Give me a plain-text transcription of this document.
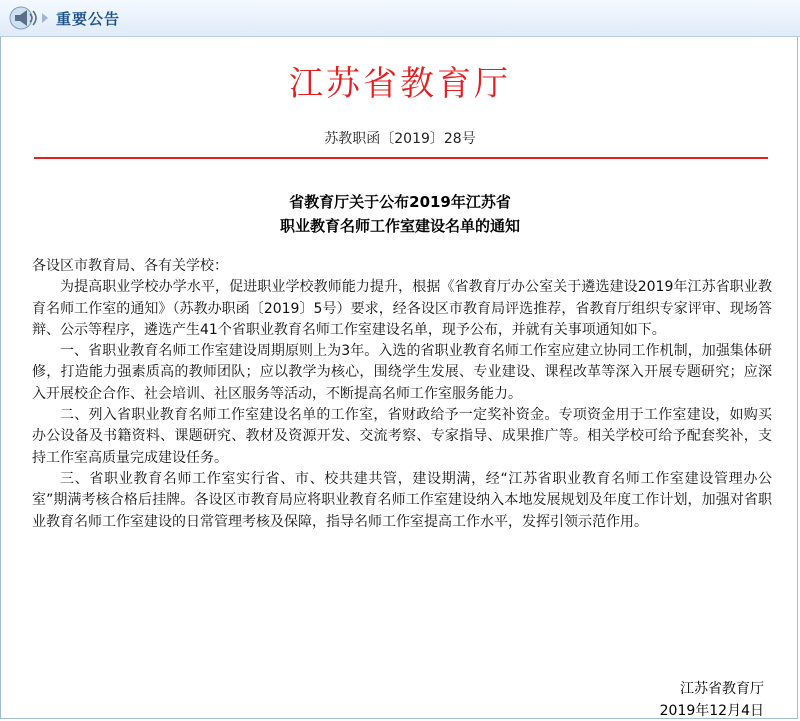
重要公告
江苏省教育厅
苏教职函〔2019〕28号
省教育厅关于公布2019年江苏省
职业教育名师工作室建设名单的通知

各设区市教育局、各有关学校：

为提高职业学校办学水平，促进职业学校教师能力提升，根据《省教育厅办公室关于遴选建设2019年江苏省职业教育名师工作室的通知》（苏教办职函〔2019〕5号）要求，经各设区市教育局评选推荐，省教育厅组织专家评审、现场答辩、公示等程序，遴选产生41个省职业教育名师工作室建设名单，现予公布，并就有关事项通知如下。

一、省职业教育名师工作室建设周期原则上为3年。入选的省职业教育名师工作室应建立协同工作机制，加强集体研修，打造能力强素质高的教师团队；应以教学为核心，围绕学生发展、专业建设、课程改革等深入开展专题研究；应深入开展校企合作、社会培训、社区服务等活动，不断提高名师工作室服务能力。

二、列入省职业教育名师工作室建设名单的工作室，省财政给予一定奖补资金。专项资金用于工作室建设，如购买办公设备及书籍资料、课题研究、教材及资源开发、交流考察、专家指导、成果推广等。相关学校可给予配套奖补，支持工作室高质量完成建设任务。

三、省职业教育名师工作室实行省、市、校共建共管，建设期满，经“江苏省职业教育名师工作室建设管理办公室”期满考核合格后挂牌。各设区市教育局应将职业教育名师工作室建设纳入本地发展规划及年度工作计划，加强对省职业教育名师工作室建设的日常管理考核及保障，指导名师工作室提高工作水平，发挥引领示范作用。

江苏省教育厅
2019年12月4日
